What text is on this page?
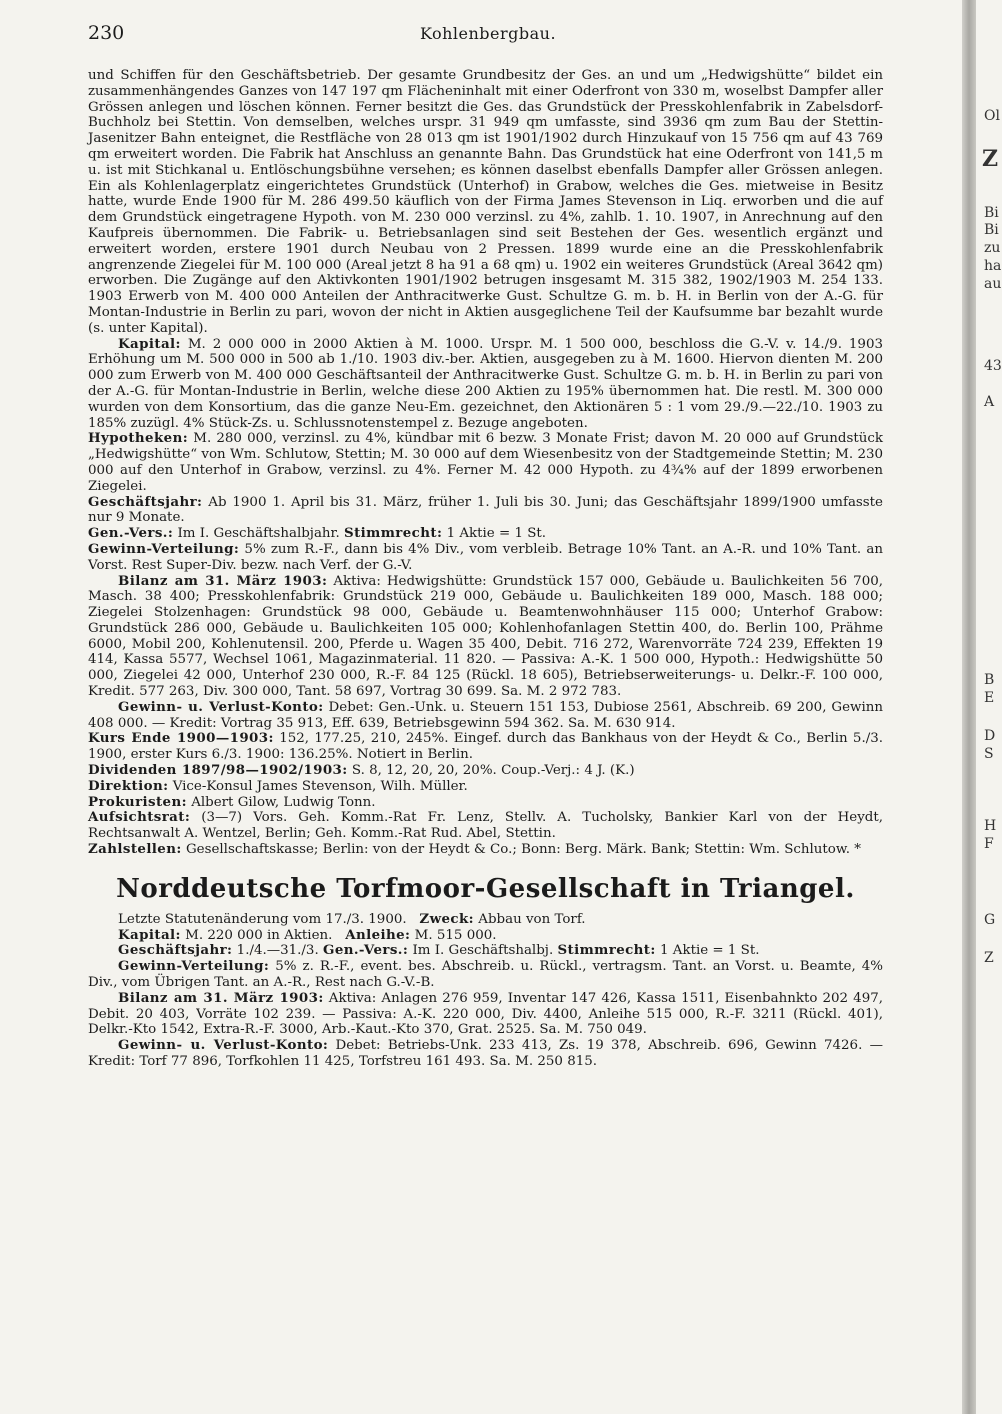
230	Kohlenbergbau.

und Schiffen für den Geschäftsbetrieb. Der gesamte Grundbesitz der Ges. an und um „Hedwigshütte“ bildet ein zusammenhängendes Ganzes von 147 197 qm Flächeninhalt mit einer Oderfront von 330 m, woselbst Dampfer aller Grössen anlegen und löschen können. Ferner besitzt die Ges. das Grundstück der Presskohlenfabrik in Zabelsdorf-Buchholz bei Stettin. Von demselben, welches urspr. 31 949 qm umfasste, sind 3936 qm zum Bau der Stettin-Jasenitzer Bahn enteignet, die Restfläche von 28 013 qm ist 1901/1902 durch Hinzukauf von 15 756 qm auf 43 769 qm erweitert worden. Die Fabrik hat Anschluss an genannte Bahn. Das Grundstück hat eine Oderfront von 141,5 m u. ist mit Stichkanal u. Entlöschungsbühne versehen; es können daselbst ebenfalls Dampfer aller Grössen anlegen. Ein als Kohlenlagerplatz eingerichtetes Grundstück (Unterhof) in Grabow, welches die Ges. mietweise in Besitz hatte, wurde Ende 1900 für M. 286 499.50 käuflich von der Firma James Stevenson in Liq. erworben und die auf dem Grundstück eingetragene Hypoth. von M. 230 000 verzinsl. zu 4%, zahlb. 1. 10. 1907, in Anrechnung auf den Kaufpreis übernommen. Die Fabrik- u. Betriebsanlagen sind seit Bestehen der Ges. wesentlich ergänzt und erweitert worden, erstere 1901 durch Neubau von 2 Pressen. 1899 wurde eine an die Presskohlenfabrik angrenzende Ziegelei für M. 100 000 (Areal jetzt 8 ha 91 a 68 qm) u. 1902 ein weiteres Grundstück (Areal 3642 qm) erworben. Die Zugänge auf den Aktivkonten 1901/1902 betrugen insgesamt M. 315 382, 1902/1903 M. 254 133. 1903 Erwerb von M. 400 000 Anteilen der Anthracitwerke Gust. Schultze G. m. b. H. in Berlin von der A.-G. für Montan-Industrie in Berlin zu pari, wovon der nicht in Aktien ausgeglichene Teil der Kaufsumme bar bezahlt wurde (s. unter Kapital).

Kapital: M. 2 000 000 in 2000 Aktien à M. 1000. Urspr. M. 1 500 000, beschloss die G.-V. v. 14./9. 1903 Erhöhung um M. 500 000 in 500 ab 1./10. 1903 div.-ber. Aktien, ausgegeben zu à M. 1600. Hiervon dienten M. 200 000 zum Erwerb von M. 400 000 Geschäftsanteil der Anthracitwerke Gust. Schultze G. m. b. H. in Berlin zu pari von der A.-G. für Montan-Industrie in Berlin, welche diese 200 Aktien zu 195% übernommen hat. Die restl. M. 300 000 wurden von dem Konsortium, das die ganze Neu-Em. gezeichnet, den Aktionären 5 : 1 vom 29./9.—22./10. 1903 zu 185% zuzügl. 4% Stück-Zs. u. Schlussnotenstempel z. Bezuge angeboten.

Hypotheken: M. 280 000, verzinsl. zu 4%, kündbar mit 6 bezw. 3 Monate Frist; davon M. 20 000 auf Grundstück „Hedwigshütte“ von Wm. Schlutow, Stettin; M. 30 000 auf dem Wiesenbesitz von der Stadtgemeinde Stettin; M. 230 000 auf den Unterhof in Grabow, verzinsl. zu 4%. Ferner M. 42 000 Hypoth. zu 4¾% auf der 1899 erworbenen Ziegelei.

Geschäftsjahr: Ab 1900 1. April bis 31. März, früher 1. Juli bis 30. Juni; das Geschäftsjahr 1899/1900 umfasste nur 9 Monate.

Gen.-Vers.: Im I. Geschäftshalbjahr. Stimmrecht: 1 Aktie = 1 St.

Gewinn-Verteilung: 5% zum R.-F., dann bis 4% Div., vom verbleib. Betrage 10% Tant. an A.-R. und 10% Tant. an Vorst. Rest Super-Div. bezw. nach Verf. der G.-V.

Bilanz am 31. März 1903: Aktiva: Hedwigshütte: Grundstück 157 000, Gebäude u. Baulichkeiten 56 700, Masch. 38 400; Presskohlenfabrik: Grundstück 219 000, Gebäude u. Baulichkeiten 189 000, Masch. 188 000; Ziegelei Stolzenhagen: Grundstück 98 000, Gebäude u. Beamtenwohnhäuser 115 000; Unterhof Grabow: Grundstück 286 000, Gebäude u. Baulichkeiten 105 000; Kohlenhofanlagen Stettin 400, do. Berlin 100, Prähme 6000, Mobil 200, Kohlenutensil. 200, Pferde u. Wagen 35 400, Debit. 716 272, Warenvorräte 724 239, Effekten 19 414, Kassa 5577, Wechsel 1061, Magazinmaterial. 11 820. — Passiva: A.-K. 1 500 000, Hypoth.: Hedwigshütte 50 000, Ziegelei 42 000, Unterhof 230 000, R.-F. 84 125 (Rückl. 18 605), Betriebserweiterungs- u. Delkr.-F. 100 000, Kredit. 577 263, Div. 300 000, Tant. 58 697, Vortrag 30 699. Sa. M. 2 972 783.

Gewinn- u. Verlust-Konto: Debet: Gen.-Unk. u. Steuern 151 153, Dubiose 2561, Abschreib. 69 200, Gewinn 408 000. — Kredit: Vortrag 35 913, Eff. 639, Betriebsgewinn 594 362. Sa. M. 630 914.

Kurs Ende 1900—1903: 152, 177.25, 210, 245%. Eingef. durch das Bankhaus von der Heydt & Co., Berlin 5./3. 1900, erster Kurs 6./3. 1900: 136.25%. Notiert in Berlin.

Dividenden 1897/98—1902/1903: S. 8, 12, 20, 20, 20%. Coup.-Verj.: 4 J. (K.)

Direktion: Vice-Konsul James Stevenson, Wilh. Müller.

Prokuristen: Albert Gilow, Ludwig Tonn.

Aufsichtsrat: (3—7) Vors. Geh. Komm.-Rat Fr. Lenz, Stellv. A. Tucholsky, Bankier Karl von der Heydt, Rechtsanwalt A. Wentzel, Berlin; Geh. Komm.-Rat Rud. Abel, Stettin.

Zahlstellen: Gesellschaftskasse; Berlin: von der Heydt & Co.; Bonn: Berg. Märk. Bank; Stettin: Wm. Schlutow. *

Norddeutsche Torfmoor-Gesellschaft in Triangel.

Letzte Statutenänderung vom 17./3. 1900. Zweck: Abbau von Torf.

Kapital: M. 220 000 in Aktien. Anleihe: M. 515 000.

Geschäftsjahr: 1./4.—31./3. Gen.-Vers.: Im I. Geschäftshalbj. Stimmrecht: 1 Aktie = 1 St.

Gewinn-Verteilung: 5% z. R.-F., event. bes. Abschreib. u. Rückl., vertragsm. Tant. an Vorst. u. Beamte, 4% Div., vom Übrigen Tant. an A.-R., Rest nach G.-V.-B.

Bilanz am 31. März 1903: Aktiva: Anlagen 276 959, Inventar 147 426, Kassa 1511, Eisenbahnkto 202 497, Debit. 20 403, Vorräte 102 239. — Passiva: A.-K. 220 000, Div. 4400, Anleihe 515 000, R.-F. 3211 (Rückl. 401), Delkr.-Kto 1542, Extra-R.-F. 3000, Arb.-Kaut.-Kto 370, Grat. 2525. Sa. M. 750 049.

Gewinn- u. Verlust-Konto: Debet: Betriebs-Unk. 233 413, Zs. 19 378, Abschreib. 696, Gewinn 7426. — Kredit: Torf 77 896, Torfkohlen 11 425, Torfstreu 161 493. Sa. M. 250 815.

Ol
Z
Bi
Bi
zu
ha
au
43
A
B
E
D
S
H
F
G
Z
